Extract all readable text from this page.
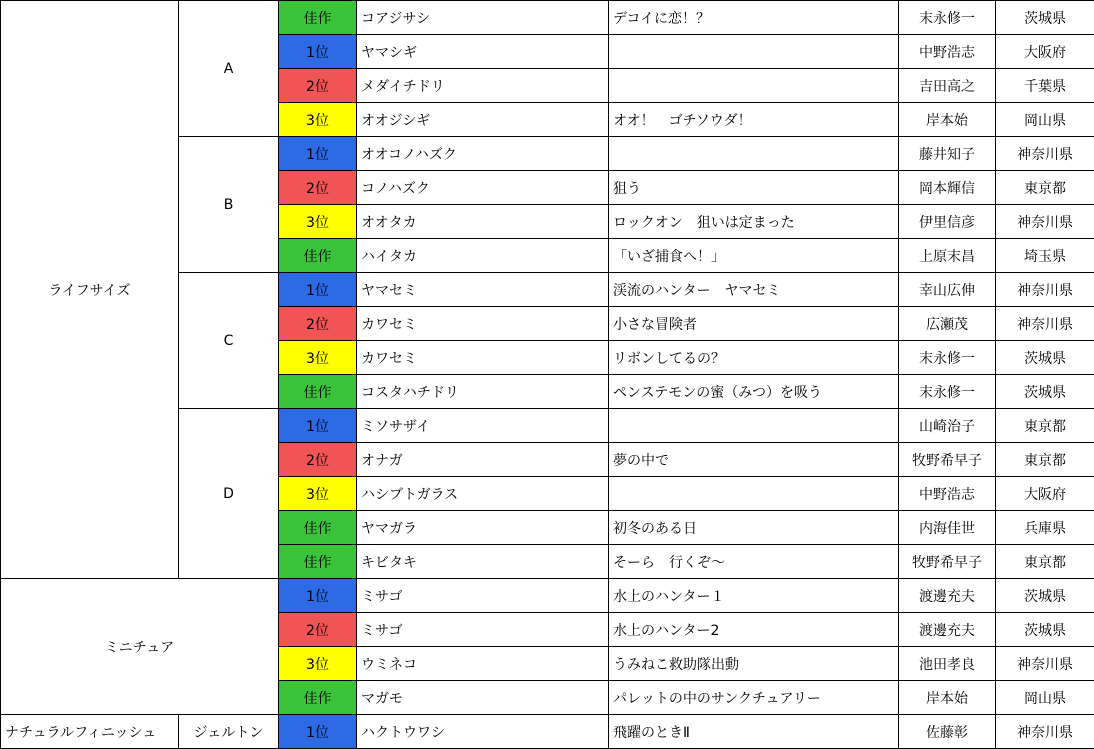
ライフサイズ	A	佳作	コアジサシ	デコイに恋！？	末永修一	茨城県
		1位	ヤマシギ		中野浩志	大阪府
		2位	メダイチドリ		吉田高之	千葉県
		3位	オオジシギ	オオ！　ゴチソウダ！	岸本始	岡山県
	B	1位	オオコノハズク		藤井知子	神奈川県
		2位	コノハズク	狙う	岡本輝信	東京都
		3位	オオタカ	ロックオン　狙いは定まった	伊里信彦	神奈川県
		佳作	ハイタカ	「いざ捕食へ！」	上原末昌	埼玉県
	C	1位	ヤマセミ	渓流のハンター　ヤマセミ	幸山広伸	神奈川県
		2位	カワセミ	小さな冒険者	広瀬茂	神奈川県
		3位	カワセミ	リボンしてるの？	末永修一	茨城県
		佳作	コスタハチドリ	ペンステモンの蜜（みつ）を吸う	末永修一	茨城県
	D	1位	ミソサザイ		山崎治子	東京都
		2位	オナガ	夢の中で	牧野希早子	東京都
		3位	ハシブトガラス		中野浩志	大阪府
		佳作	ヤマガラ	初冬のある日	内海佳世	兵庫県
		佳作	キビタキ	そーら　行くぞ〜	牧野希早子	東京都
ミニチュア		1位	ミサゴ	水上のハンター１	渡邊充夫	茨城県
		2位	ミサゴ	水上のハンター2	渡邊充夫	茨城県
		3位	ウミネコ	うみねこ救助隊出動	池田孝良	神奈川県
		佳作	マガモ	パレットの中のサンクチュアリー	岸本始	岡山県
ナチュラルフィニッシュ	ジェルトン	1位	ハクトウワシ	飛躍のときⅡ	佐藤彰	神奈川県
